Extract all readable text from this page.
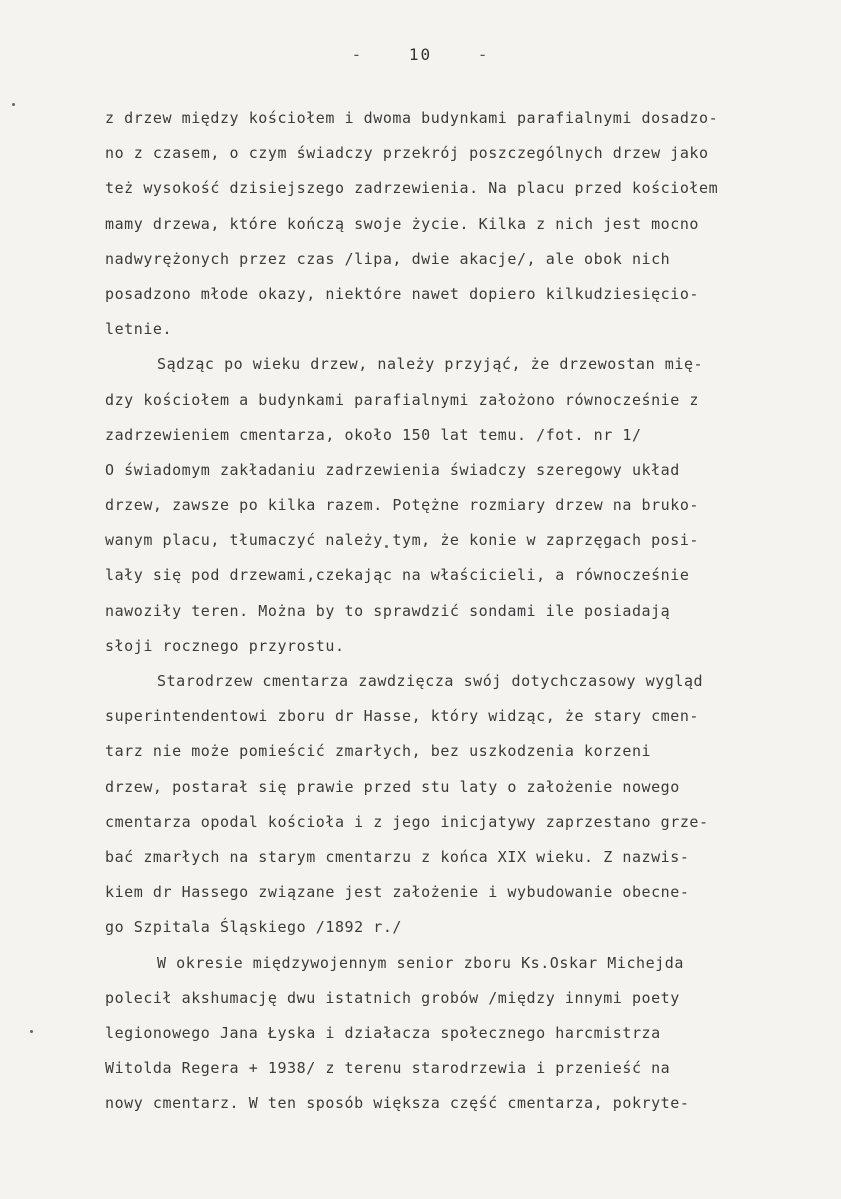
-	10	-
z drzew między kościołem i dwoma budynkami parafialnymi dosadzo-
no z czasem, o czym świadczy przekrój poszczególnych drzew jako
też wysokość dzisiejszego zadrzewienia. Na placu przed kościołem
mamy drzewa, które kończą swoje życie. Kilka z nich jest mocno
nadwyrężonych przez czas /lipa, dwie akacje/, ale obok nich
posadzono młode okazy, niektóre nawet dopiero kilkudziesięcio-
letnie.
Sądząc po wieku drzew, należy przyjąć, że drzewostan mię-
dzy kościołem a budynkami parafialnymi założono równocześnie z
zadrzewieniem cmentarza, około 150 lat temu. /fot. nr 1/
O świadomym zakładaniu zadrzewienia świadczy szeregowy układ
drzew, zawsze po kilka razem. Potężne rozmiary drzew na bruko-
wanym placu, tłumaczyć należy tym, że konie w zaprzęgach posi-
lały się pod drzewami,czekając na właścicieli, a równocześnie
nawoziły teren. Można by to sprawdzić sondami ile posiadają
słoji rocznego przyrostu.
Starodrzew cmentarza zawdzięcza swój dotychczasowy wygląd
superintendentowi zboru dr Hasse, który widząc, że stary cmen-
tarz nie może pomieścić zmarłych, bez uszkodzenia korzeni
drzew, postarał się prawie przed stu laty o założenie nowego
cmentarza opodal kościoła i z jego inicjatywy zaprzestano grze-
bać zmarłych na starym cmentarzu z końca XIX wieku. Z nazwis-
kiem dr Hassego związane jest założenie i wybudowanie obecne-
go Szpitala Śląskiego /1892 r./
W okresie międzywojennym senior zboru Ks.Oskar Michejda
polecił akshumację dwu istatnich grobów /między innymi poety
legionowego Jana Łyska i działacza społecznego harcmistrza
Witolda Regera + 1938/ z terenu starodrzewia i przenieść na
nowy cmentarz. W ten sposób większa część cmentarza, pokryte-
